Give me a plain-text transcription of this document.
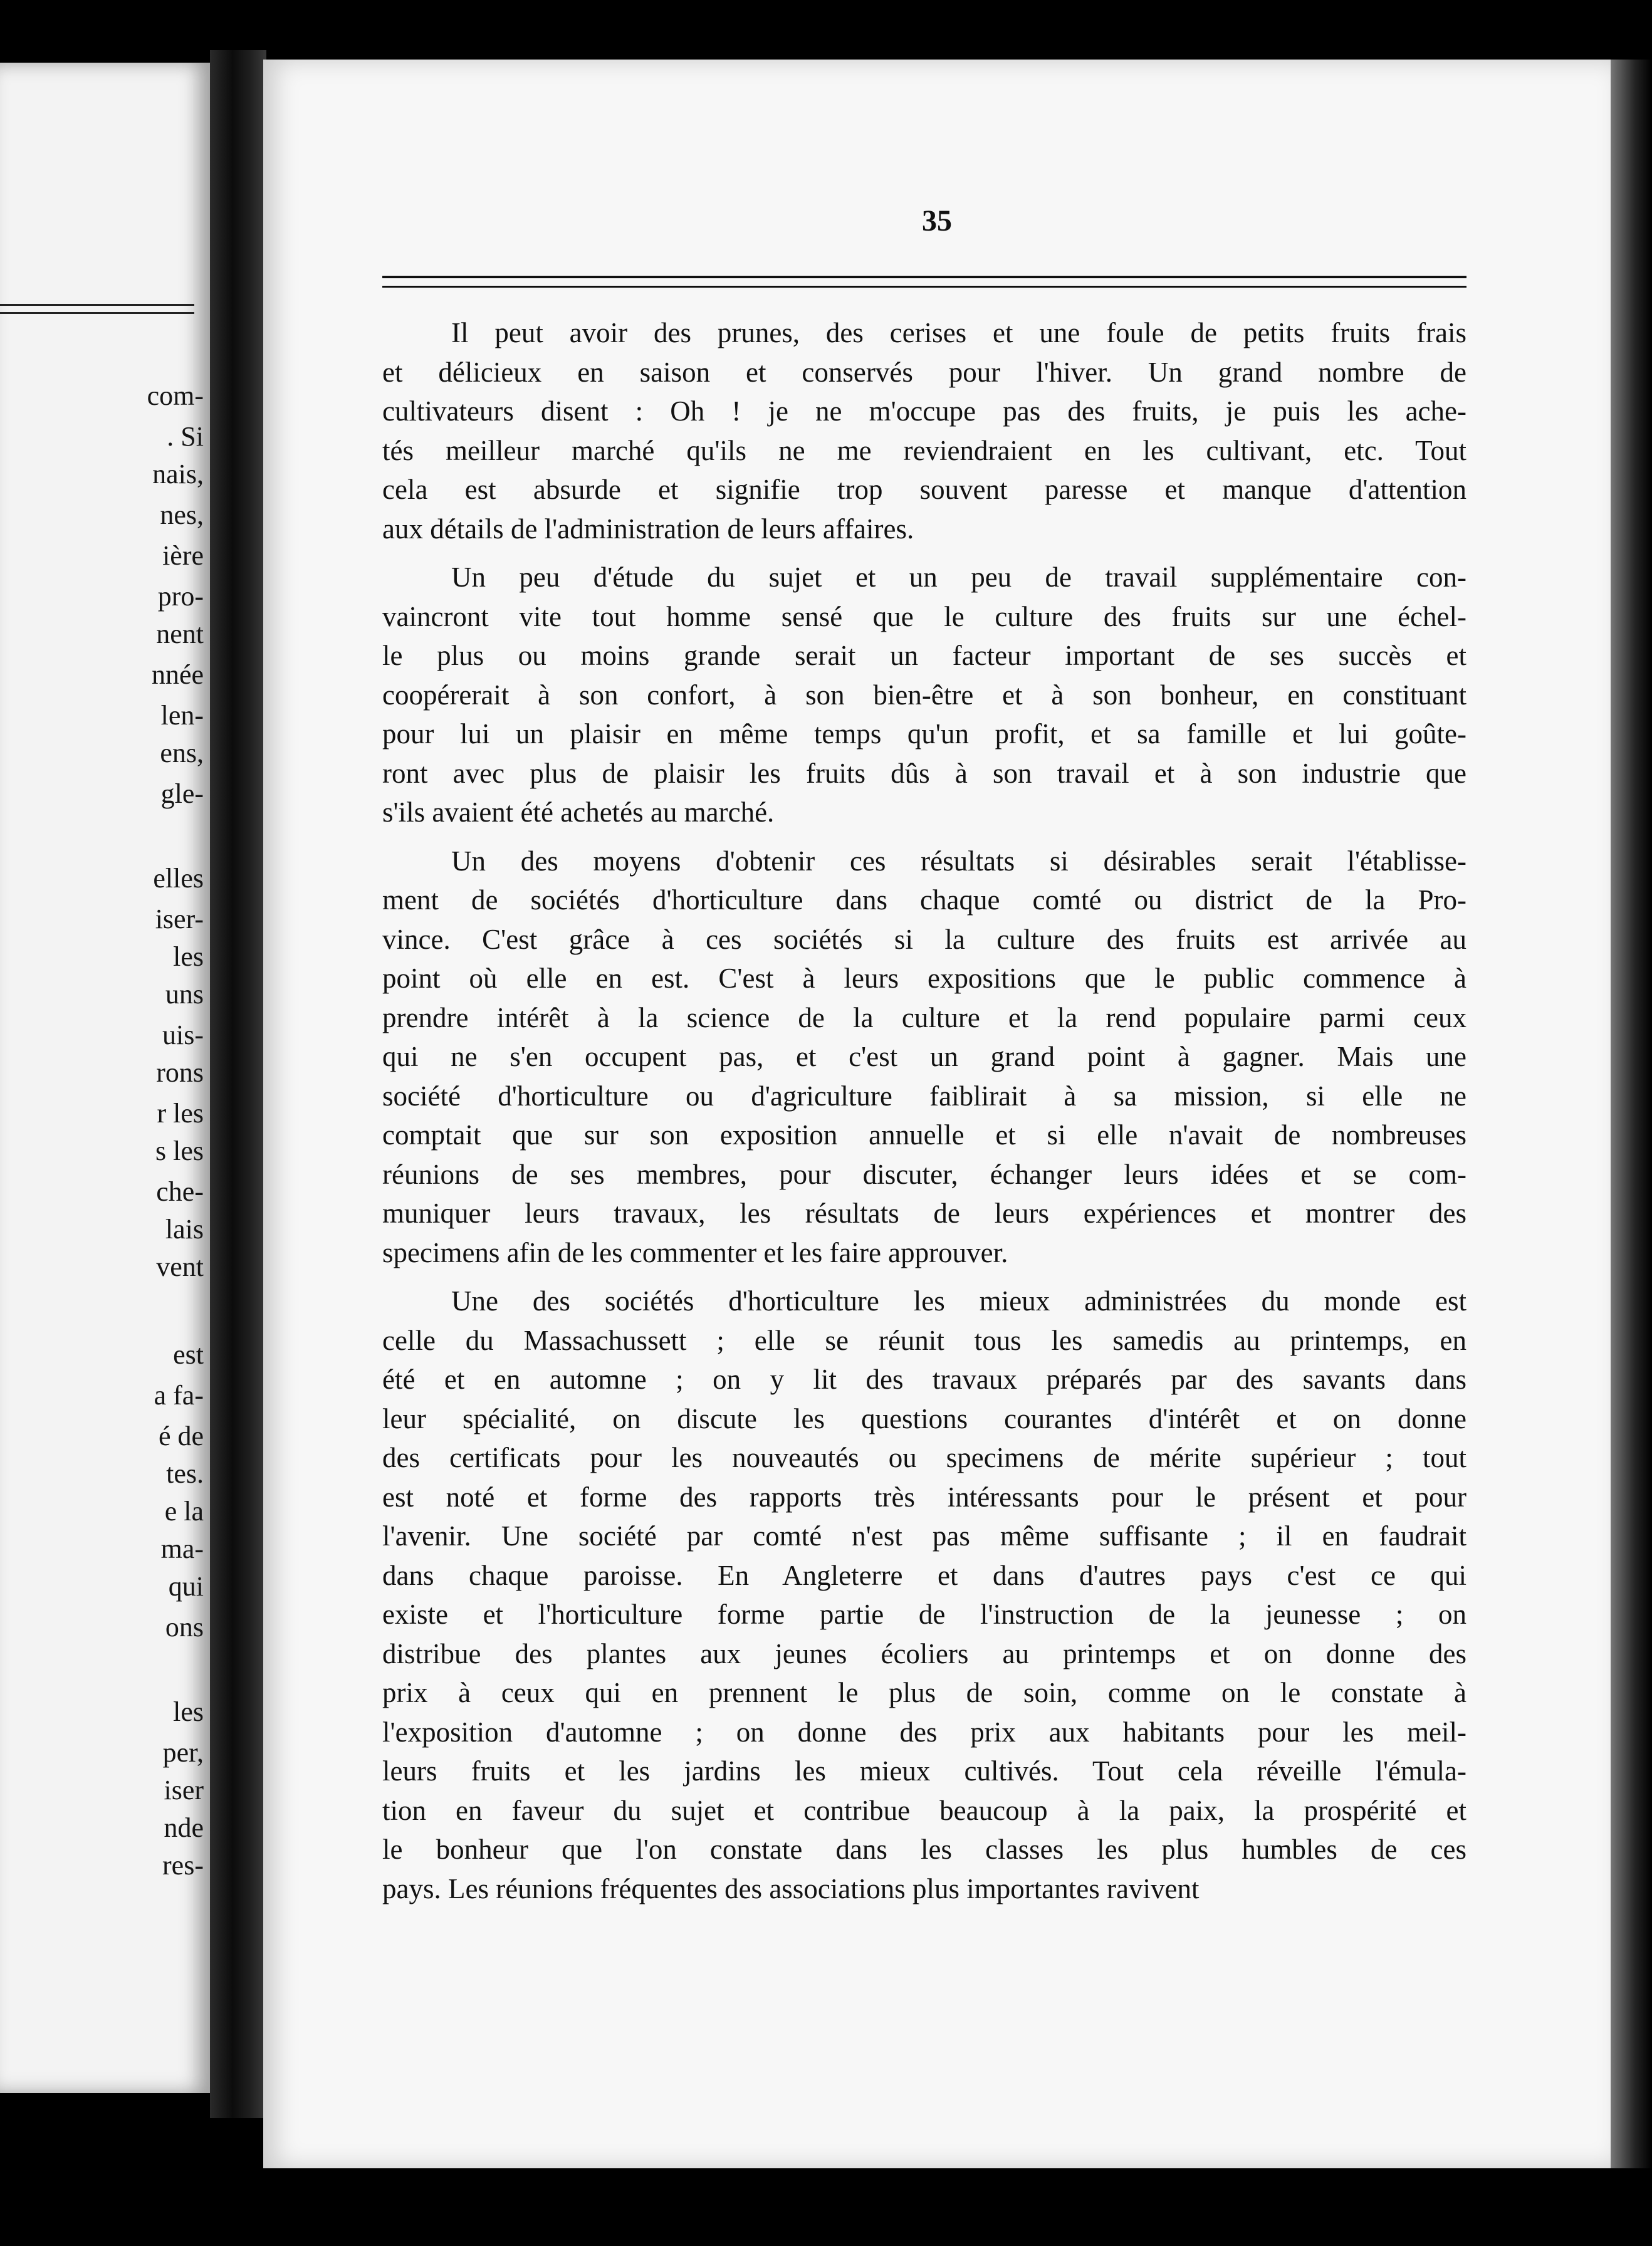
com-
. Si
nais,
nes,
ière
pro-
nent
nnée
len-
ens,
gle-
elles
iser-
les
uns
uis-
rons
r les
s les
che-
lais
vent
est
a fa-
é de
tes.
e la
ma-
qui
ons
les
per,
iser
nde
res-
35
Il peut avoir des prunes, des cerises et une foule de petits fruits frais
et délicieux en saison et conservés pour l'hiver. Un grand nombre de
cultivateurs disent : Oh ! je ne m'occupe pas des fruits, je puis les ache-
tés meilleur marché qu'ils ne me reviendraient en les cultivant, etc. Tout
cela est absurde et signifie trop souvent paresse et manque d'attention
aux détails de l'administration de leurs affaires.
Un peu d'étude du sujet et un peu de travail supplémentaire con-
vaincront vite tout homme sensé que le culture des fruits sur une échel-
le plus ou moins grande serait un facteur important de ses succès et
coopérerait à son confort, à son bien-être et à son bonheur, en constituant
pour lui un plaisir en même temps qu'un profit, et sa famille et lui goûte-
ront avec plus de plaisir les fruits dûs à son travail et à son industrie que
s'ils avaient été achetés au marché.
Un des moyens d'obtenir ces résultats si désirables serait l'établisse-
ment de sociétés d'horticulture dans chaque comté ou district de la Pro-
vince. C'est grâce à ces sociétés si la culture des fruits est arrivée au
point où elle en est. C'est à leurs expositions que le public commence à
prendre intérêt à la science de la culture et la rend populaire parmi ceux
qui ne s'en occupent pas, et c'est un grand point à gagner. Mais une
société d'horticulture ou d'agriculture faiblirait à sa mission, si elle ne
comptait que sur son exposition annuelle et si elle n'avait de nombreuses
réunions de ses membres, pour discuter, échanger leurs idées et se com-
muniquer leurs travaux, les résultats de leurs expériences et montrer des
specimens afin de les commenter et les faire approuver.
Une des sociétés d'horticulture les mieux administrées du monde est
celle du Massachussett ; elle se réunit tous les samedis au printemps, en
été et en automne ; on y lit des travaux préparés par des savants dans
leur spécialité, on discute les questions courantes d'intérêt et on donne
des certificats pour les nouveautés ou specimens de mérite supérieur ; tout
est noté et forme des rapports très intéressants pour le présent et pour
l'avenir. Une société par comté n'est pas même suffisante ; il en faudrait
dans chaque paroisse. En Angleterre et dans d'autres pays c'est ce qui
existe et l'horticulture forme partie de l'instruction de la jeunesse ; on
distribue des plantes aux jeunes écoliers au printemps et on donne des
prix à ceux qui en prennent le plus de soin, comme on le constate à
l'exposition d'automne ; on donne des prix aux habitants pour les meil-
leurs fruits et les jardins les mieux cultivés. Tout cela réveille l'émula-
tion en faveur du sujet et contribue beaucoup à la paix, la prospérité et
le bonheur que l'on constate dans les classes les plus humbles de ces
pays. Les réunions fréquentes des associations plus importantes ravivent
